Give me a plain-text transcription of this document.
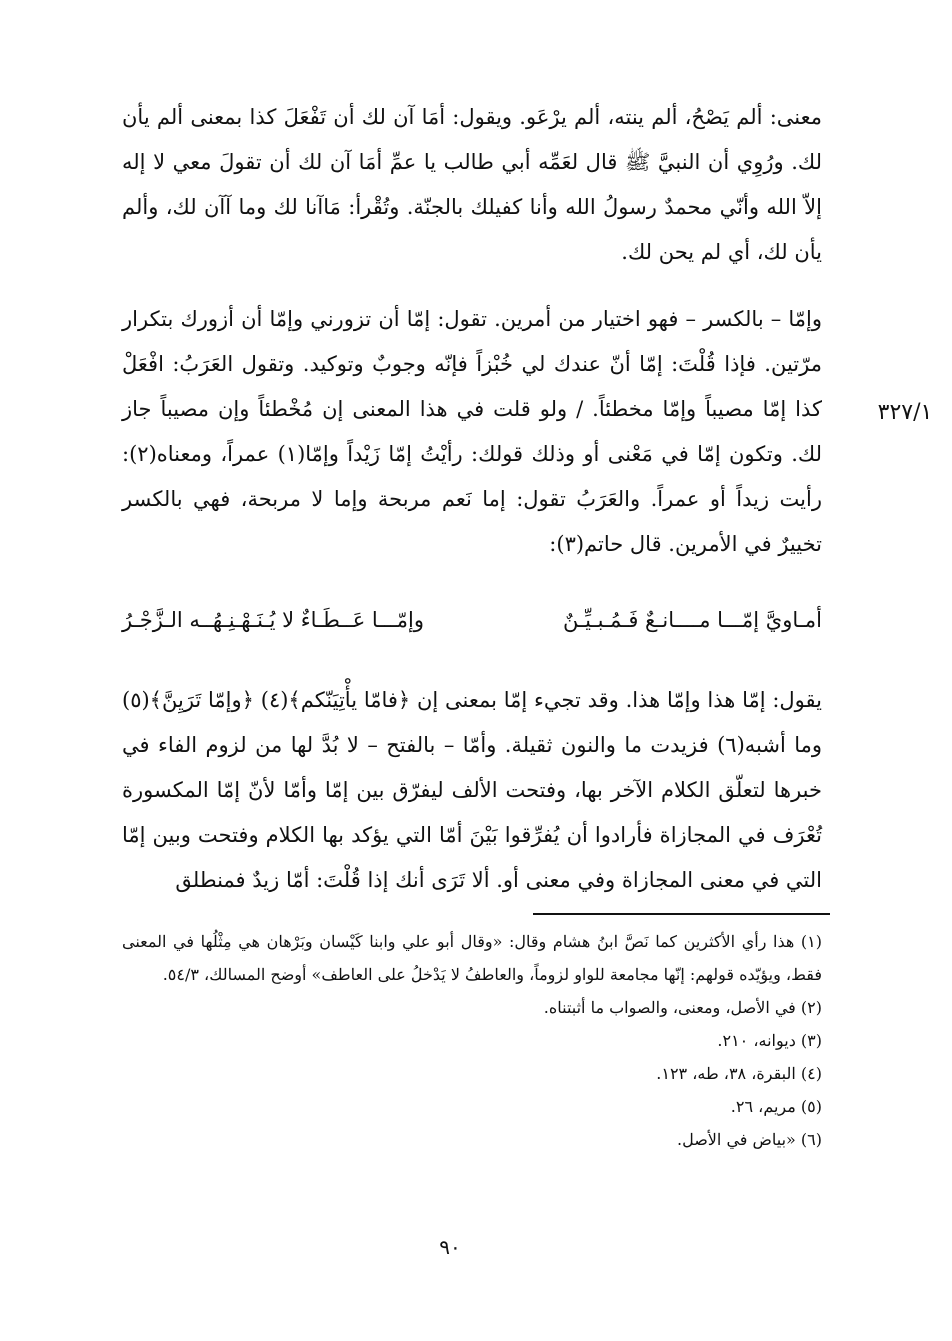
معنى: ألم يَصْحُ، ألم ينته، ألم يرْعَو. ويقول: أمَا آن لك أن تَفْعَلَ كذا بمعنى ألم يأن لك. ورُوِي أن النبيَّ ﷺ قال لعَمِّه أبي طالب يا عمِّ أمَا آن لك أن تقولَ معي لا إله إلاّ الله وأنّي محمدٌ رسولُ الله وأنا كفيلك بالجنّة. وتُقْرأ: مَاآنا لك وما آآن لك، وألم يأن لك، أي لم يحن لك.

وإمّا – بالكسر – فهو اختيار من أمرين. تقول: إمّا أن تزورني وإمّا أن أزورك بتكرار مرّتين. فإذا قُلْتَ: إمّا أنّ عندك لي خُبْزاً فإنّه وجوبٌ وتوكيد. وتقول العَرَبُ: افْعَلْ كذا إمّا مصيباً وإمّا مخطئاً. / ولو قلت في هذا المعنى إن مُخْطئاً وإن مصيباً جاز لك. وتكون إمّا في مَعْنى أو وذلك قولك: رأيْتُ إمّا زَيْداً وإمّا(١) عمراً، ومعناه(٢): رأيت زيداً أو عمراً. والعَرَبُ تقول: إما نَعم مربحة وإما لا مربحة، فهي بالكسر تخييرٌ في الأمرين. قال حاتم(٣):

٣٢٧/١
أمـاويَّ إمّـــا مــــانـعٌ فَـمُـبـيِّـنٌ
وإمّـــا عَــطَـاءٌ لا يُـنَـهْـنِـهُــه الـزَّجْـرُ

يقول: إمّا هذا وإمّا هذا. وقد تجيء إمّا بمعنى إن ﴿فامّا يأْتِيَنّكم﴾(٤) ﴿وإمّا تَرَيِنَّ﴾(٥) وما أشبه(٦) فزيدت ما والنون ثقيلة. وأمّا – بالفتح – لا بُدَّ لها من لزوم الفاء في خبرها لتعلّق الكلام الآخر بها، وفتحت الألف ليفرّق بين إمّا وأمّا لأنّ إمّا المكسورة تُعْرَف في المجازاة فأرادوا أن يُفرِّقوا بَيْنَ أمّا التي يؤكد بها الكلام وفتحت وبين إمّا التي في معنى المجازاة وفي معنى أو. ألا تَرَى أنك إذا قُلْتَ: أمّا زيدٌ فمنطلق

(١) هذا رأي الأكثرين كما نَصَّ ابنُ هشام وقال: «وقال أبو علي وابنا كَيْسان وبَرْهان هي مِثْلُها في المعنى فقط، ويؤيّده قولهم: إنّها مجامعة للواو لزوماً، والعاطفُ لا يَدْخلُ على العاطف» أوضح المسالك، ٥٤/٣.
(٢) في الأصل، ومعنى، والصواب ما أثبتناه.
(٣) ديوانه، ٢١٠.
(٤) البقرة، ٣٨، طه، ١٢٣.
(٥) مريم، ٢٦.
(٦) «بياض في الأصل.
٩٠
